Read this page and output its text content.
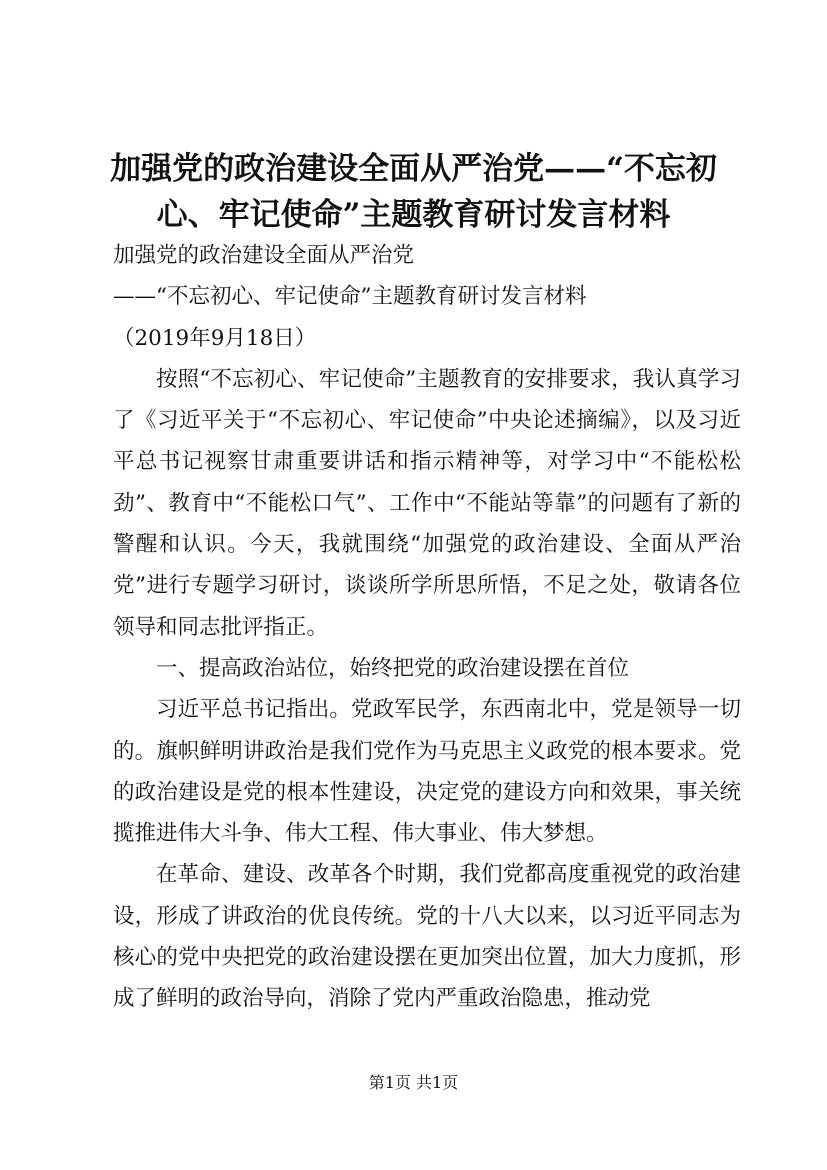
加强党的政治建设全面从严治党——“不忘初心、牢记使命”主题教育研讨发言材料

加强党的政治建设全面从严治党

——“不忘初心、牢记使命”主题教育研讨发言材料

（2019年9月18日）

按照“不忘初心、牢记使命”主题教育的安排要求，我认真学习了《习近平关于“不忘初心、牢记使命”中央论述摘编》，以及习近平总书记视察甘肃重要讲话和指示精神等，对学习中“不能松松劲”、教育中“不能松口气”、工作中“不能站等靠”的问题有了新的警醒和认识。今天，我就围绕“加强党的政治建设、全面从严治党”进行专题学习研讨，谈谈所学所思所悟，不足之处，敬请各位领导和同志批评指正。

一、提高政治站位，始终把党的政治建设摆在首位

习近平总书记指出。党政军民学，东西南北中，党是领导一切的。旗帜鲜明讲政治是我们党作为马克思主义政党的根本要求。党的政治建设是党的根本性建设，决定党的建设方向和效果，事关统揽推进伟大斗争、伟大工程、伟大事业、伟大梦想。

在革命、建设、改革各个时期，我们党都高度重视党的政治建设，形成了讲政治的优良传统。党的十八大以来，以习近平同志为核心的党中央把党的政治建设摆在更加突出位置，加大力度抓，形成了鲜明的政治导向，消除了党内严重政治隐患，推动党

第1页 共1页
